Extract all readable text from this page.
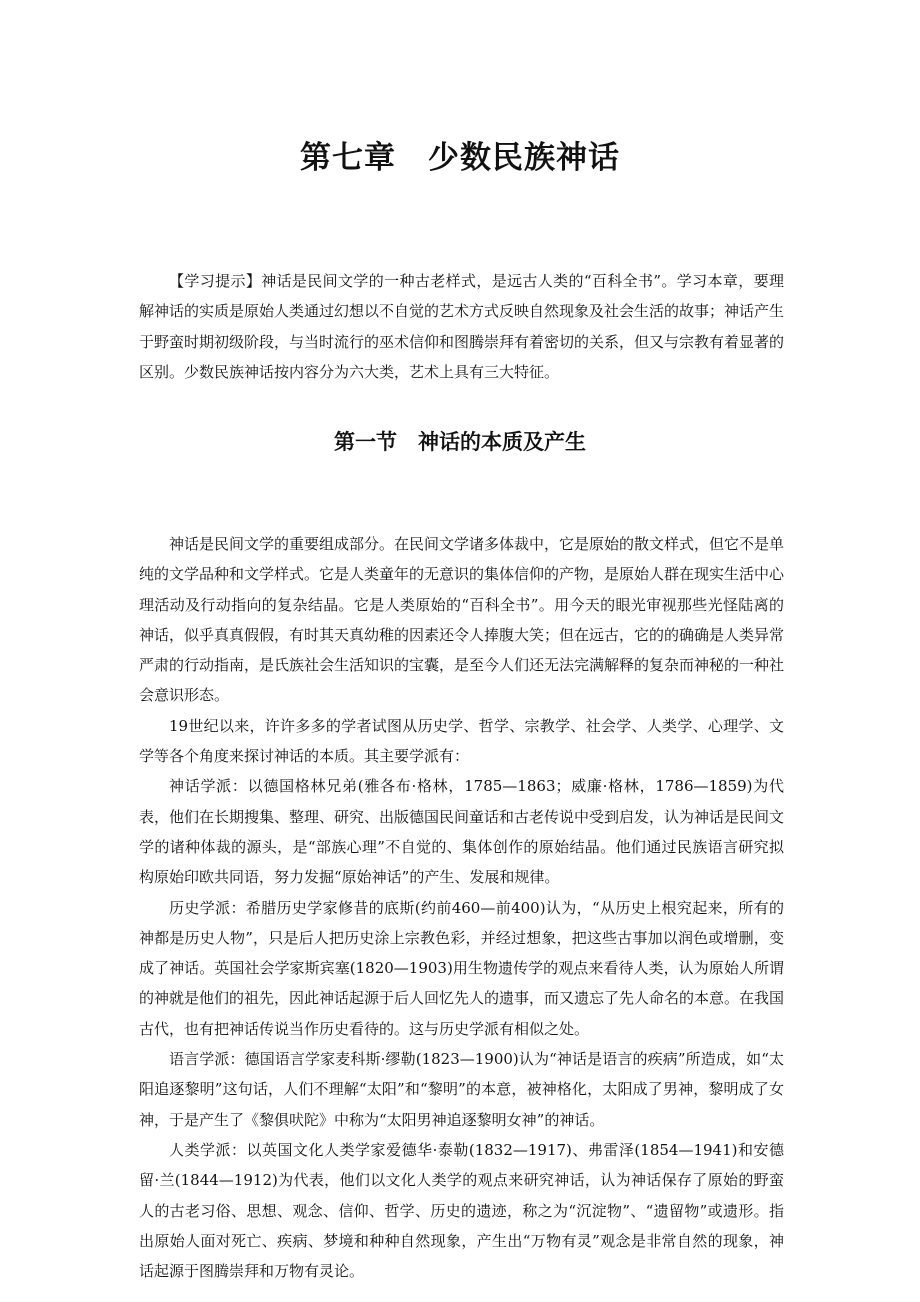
第七章　少数民族神话

【学习提示】神话是民间文学的一种古老样式，是远古人类的“百科全书”。学习本章，要理解神话的实质是原始人类通过幻想以不自觉的艺术方式反映自然现象及社会生活的故事；神话产生于野蛮时期初级阶段，与当时流行的巫术信仰和图腾崇拜有着密切的关系，但又与宗教有着显著的区别。少数民族神话按内容分为六大类，艺术上具有三大特征。

第一节　神话的本质及产生

神话是民间文学的重要组成部分。在民间文学诸多体裁中，它是原始的散文样式，但它不是单纯的文学品种和文学样式。它是人类童年的无意识的集体信仰的产物，是原始人群在现实生活中心理活动及行动指向的复杂结晶。它是人类原始的“百科全书”。用今天的眼光审视那些光怪陆离的神话，似乎真真假假，有时其天真幼稚的因素还令人捧腹大笑；但在远古，它的的确确是人类异常严肃的行动指南，是氏族社会生活知识的宝囊，是至今人们还无法完满解释的复杂而神秘的一种社会意识形态。

19世纪以来，许许多多的学者试图从历史学、哲学、宗教学、社会学、人类学、心理学、文学等各个角度来探讨神话的本质。其主要学派有：

神话学派：以德国格林兄弟(雅各布·格林，1785—1863；威廉·格林，1786—1859)为代表，他们在长期搜集、整理、研究、出版德国民间童话和古老传说中受到启发，认为神话是民间文学的诸种体裁的源头，是“部族心理”不自觉的、集体创作的原始结晶。他们通过民族语言研究拟构原始印欧共同语，努力发掘“原始神话”的产生、发展和规律。

历史学派：希腊历史学家修昔的底斯(约前460—前400)认为，“从历史上根究起来，所有的神都是历史人物”，只是后人把历史涂上宗教色彩，并经过想象，把这些古事加以润色或增删，变成了神话。英国社会学家斯宾塞(1820—1903)用生物遗传学的观点来看待人类，认为原始人所谓的神就是他们的祖先，因此神话起源于后人回忆先人的遗事，而又遗忘了先人命名的本意。在我国古代，也有把神话传说当作历史看待的。这与历史学派有相似之处。

语言学派：德国语言学家麦科斯·缪勒(1823—1900)认为“神话是语言的疾病”所造成，如“太阳追逐黎明”这句话，人们不理解“太阳”和“黎明”的本意，被神格化，太阳成了男神，黎明成了女神，于是产生了《黎俱吠陀》中称为“太阳男神追逐黎明女神”的神话。

人类学派：以英国文化人类学家爱德华·泰勒(1832—1917)、弗雷泽(1854—1941)和安德留·兰(1844—1912)为代表，他们以文化人类学的观点来研究神话，认为神话保存了原始的野蛮人的古老习俗、思想、观念、信仰、哲学、历史的遗迹，称之为“沉淀物”、“遗留物”或遗形。指出原始人面对死亡、疾病、梦境和种种自然现象，产生出“万物有灵”观念是非常自然的现象，神话起源于图腾崇拜和万物有灵论。
